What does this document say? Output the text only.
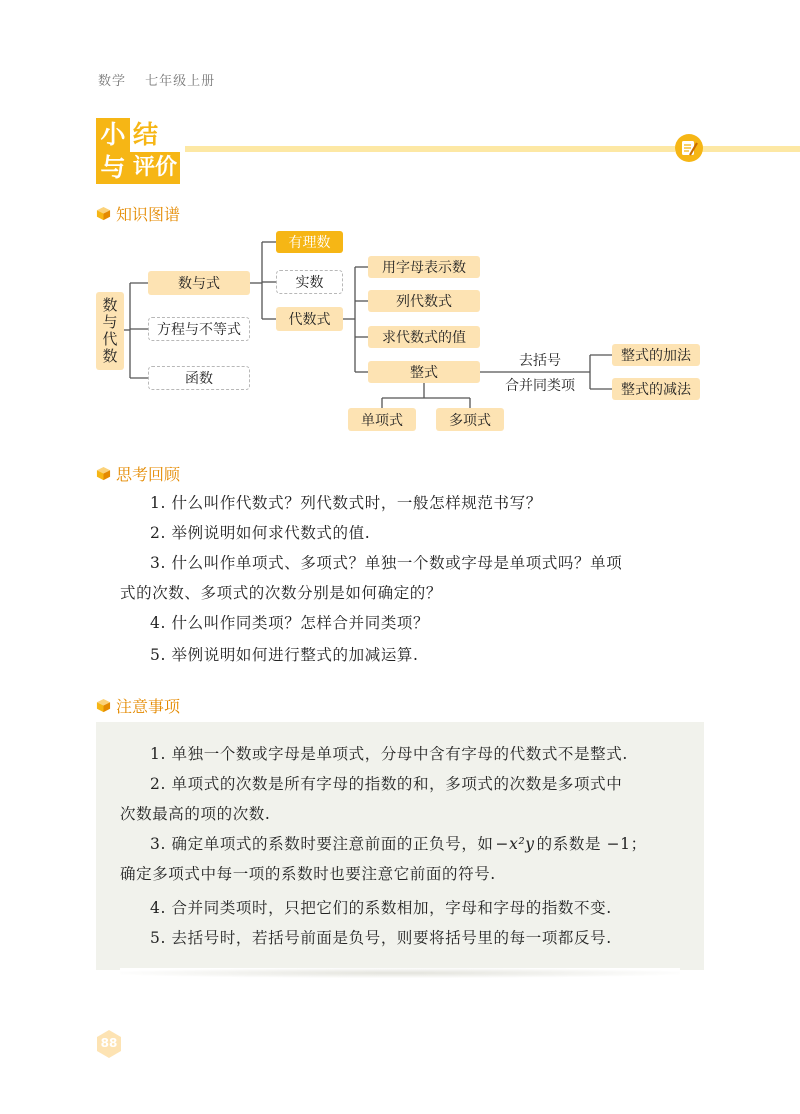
数学 七年级上册
小 结
与 评价
知识图谱
数与代数
数与式
方程与不等式
函数
有理数
实数
代数式
用字母表示数
列代数式
求代数式的值
整式
去括号
合并同类项
整式的加法
整式的减法
单项式	多项式
思考回顾
1. 什么叫作代数式？列代数式时，一般怎样规范书写？
2. 举例说明如何求代数式的值.
3. 什么叫作单项式、多项式？单独一个数或字母是单项式吗？单项
式的次数、多项式的次数分别是如何确定的？
4. 什么叫作同类项？怎样合并同类项？
5. 举例说明如何进行整式的加减运算.
注意事项
1. 单独一个数或字母是单项式，分母中含有字母的代数式不是整式.
2. 单项式的次数是所有字母的指数的和，多项式的次数是多项式中
次数最高的项的次数.
3. 确定单项式的系数时要注意前面的正负号，如 −x²y 的系数是 −1；
确定多项式中每一项的系数时也要注意它前面的符号.
4. 合并同类项时，只把它们的系数相加，字母和字母的指数不变.
5. 去括号时，若括号前面是负号，则要将括号里的每一项都反号.
88
